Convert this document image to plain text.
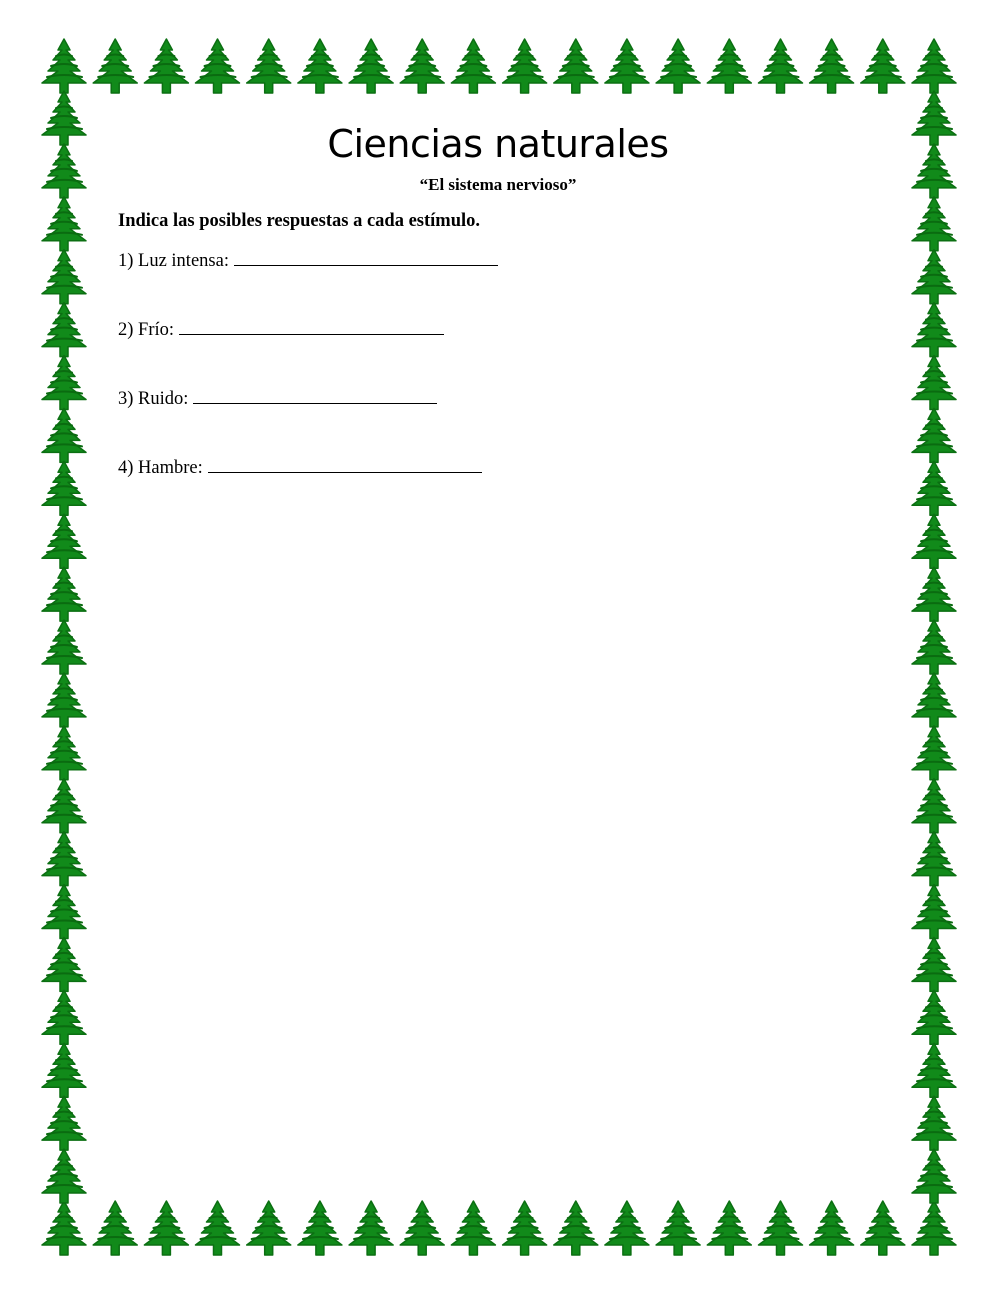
Ciencias naturales
“El sistema nervioso”
Indica las posibles respuestas a cada estímulo.
1) Luz intensa:
2) Frío:
3) Ruido:
4) Hambre:
